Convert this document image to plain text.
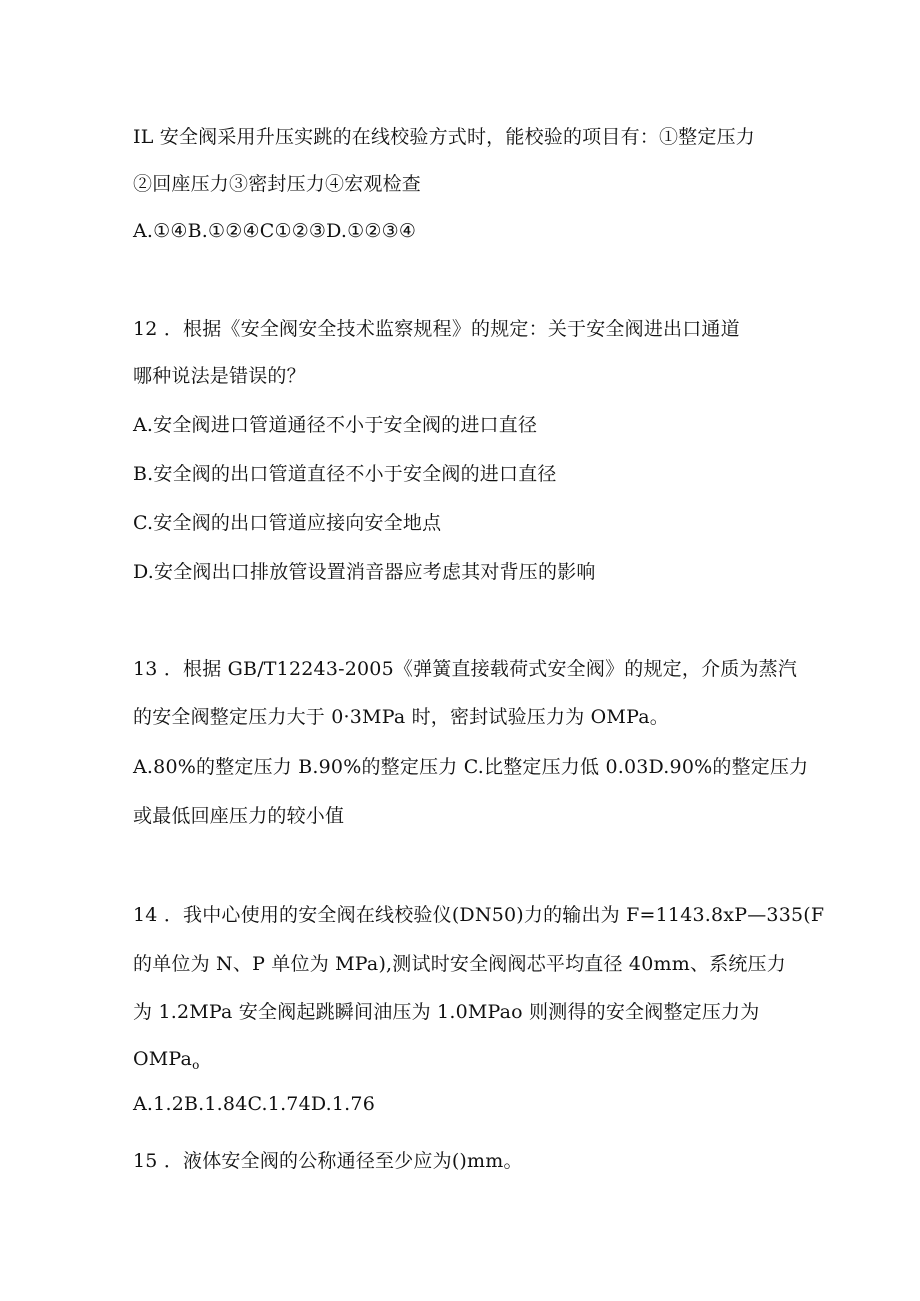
IL 安全阀采用升压实跳的在线校验方式时，能校验的项目有：①整定压力
②回座压力③密封压力④宏观检查
A.①④B.①②④C①②③D.①②③④
12 ．根据《安全阀安全技术监察规程》的规定：关于安全阀进出口通道
哪种说法是错误的？
A.安全阀进口管道通径不小于安全阀的进口直径
B.安全阀的出口管道直径不小于安全阀的进口直径
C.安全阀的出口管道应接向安全地点
D.安全阀出口排放管设置消音器应考虑其对背压的影响
13 ．根据 GB/T12243-2005《弹簧直接载荷式安全阀》的规定，介质为蒸汽
的安全阀整定压力大于 0·3MPa 时，密封试验压力为 OMPa。
A.80%的整定压力 B.90%的整定压力 C.比整定压力低 0.03D.90%的整定压力
或最低回座压力的较小值
14 ．我中心使用的安全阀在线校验仪(DN50)力的输出为 F=1143.8xP—335(F
的单位为 N、P 单位为 MPa),测试时安全阀阀芯平均直径 40mm、系统压力
为 1.2MPa 安全阀起跳瞬间油压为 1.0MPao 则测得的安全阀整定压力为
OMPa$_o$
A.1.2B.1.84C.1.74D.1.76
15 ．液体安全阀的公称通径至少应为()mm。
